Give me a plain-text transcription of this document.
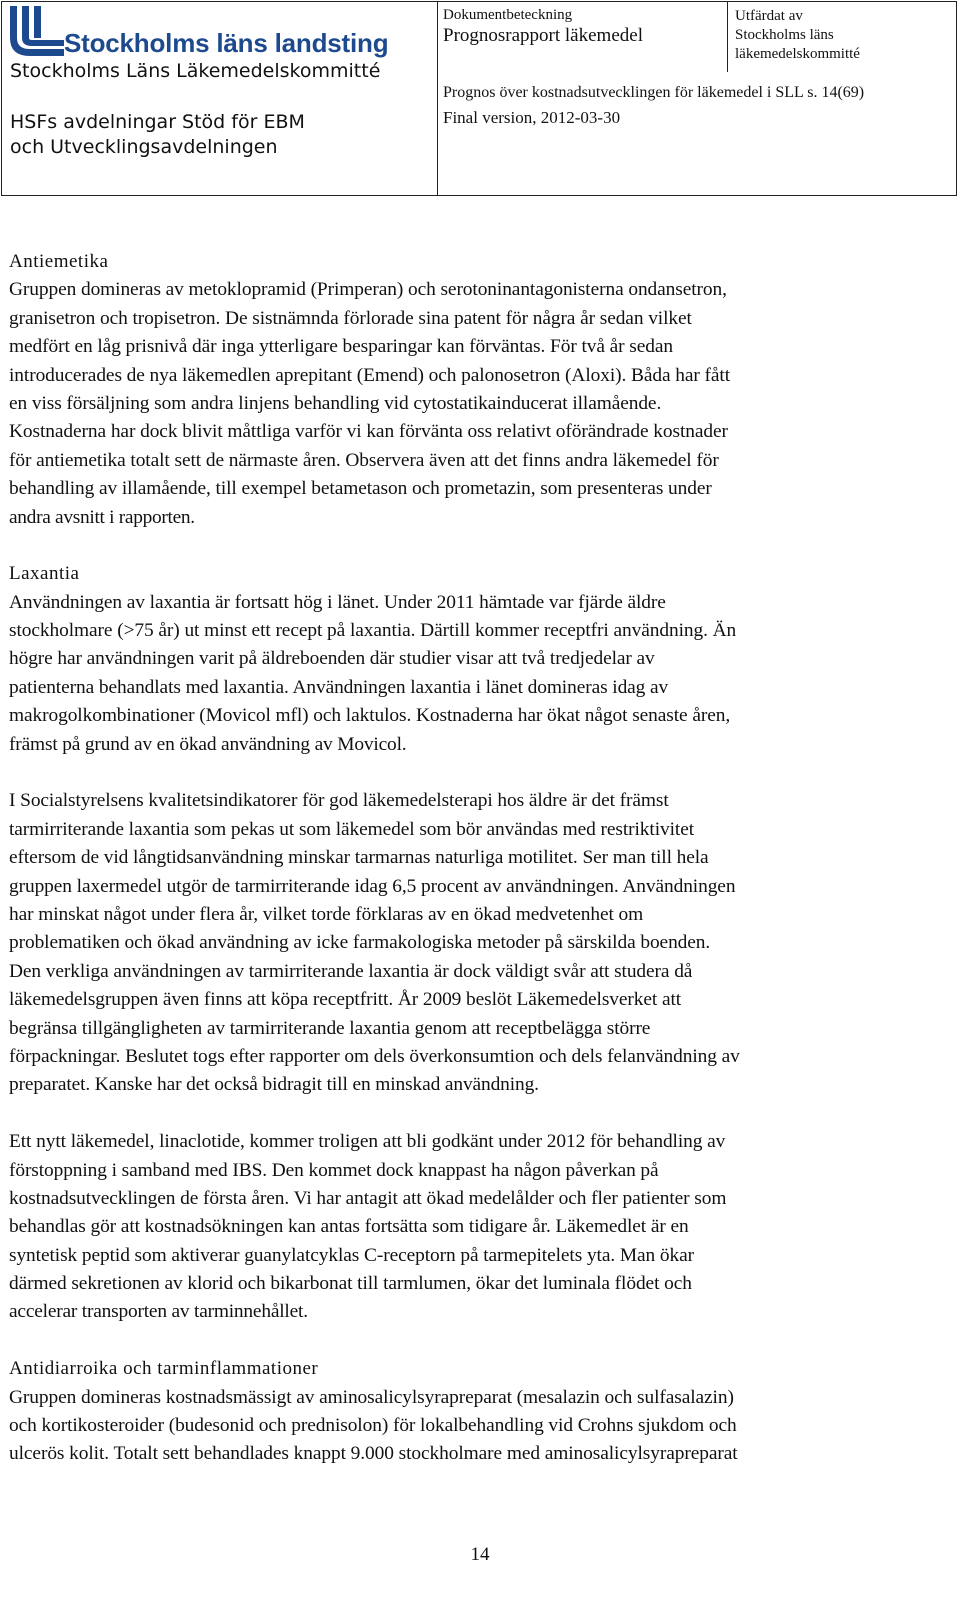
Stockholms läns landsting
Stockholms Läns Läkemedelskommitté
HSFs avdelningar Stöd för EBM
och Utvecklingsavdelningen
Dokumentbeteckning
Prognosrapport läkemedel
Utfärdat av
Stockholms läns
läkemedelskommitté
Prognos över kostnadsutvecklingen för läkemedel i SLL s. 14(69)
Final version, 2012-03-30
Antiemetika
Gruppen domineras av metoklopramid (Primperan) och serotoninantagonisterna ondansetron,
granisetron och tropisetron. De sistnämnda förlorade sina patent för några år sedan vilket
medfört en låg prisnivå där inga ytterligare besparingar kan förväntas. För två år sedan
introducerades de nya läkemedlen aprepitant (Emend) och palonosetron (Aloxi). Båda har fått
en viss försäljning som andra linjens behandling vid cytostatikainducerat illamående.
Kostnaderna har dock blivit måttliga varför vi kan förvänta oss relativt oförändrade kostnader
för antiemetika totalt sett de närmaste åren. Observera även att det finns andra läkemedel för
behandling av illamående, till exempel betametason och prometazin, som presenteras under
andra avsnitt i rapporten.
Laxantia
Användningen av laxantia är fortsatt hög i länet. Under 2011 hämtade var fjärde äldre
stockholmare (>75 år) ut minst ett recept på laxantia. Därtill kommer receptfri användning. Än
högre har användningen varit på äldreboenden där studier visar att två tredjedelar av
patienterna behandlats med laxantia. Användningen laxantia i länet domineras idag av
makrogolkombinationer (Movicol mfl) och laktulos. Kostnaderna har ökat något senaste åren,
främst på grund av en ökad användning av Movicol.
I Socialstyrelsens kvalitetsindikatorer för god läkemedelsterapi hos äldre är det främst
tarmirriterande laxantia som pekas ut som läkemedel som bör användas med restriktivitet
eftersom de vid långtidsanvändning minskar tarmarnas naturliga motilitet. Ser man till hela
gruppen laxermedel utgör de tarmirriterande idag 6,5 procent av användningen. Användningen
har minskat något under flera år, vilket torde förklaras av en ökad medvetenhet om
problematiken och ökad användning av icke farmakologiska metoder på särskilda boenden.
Den verkliga användningen av tarmirriterande laxantia är dock väldigt svår att studera då
läkemedelsgruppen även finns att köpa receptfritt. År 2009 beslöt Läkemedelsverket att
begränsa tillgängligheten av tarmirriterande laxantia genom att receptbelägga större
förpackningar. Beslutet togs efter rapporter om dels överkonsumtion och dels felanvändning av
preparatet. Kanske har det också bidragit till en minskad användning.
Ett nytt läkemedel, linaclotide, kommer troligen att bli godkänt under 2012 för behandling av
förstoppning i samband med IBS. Den kommet dock knappast ha någon påverkan på
kostnadsutvecklingen de första åren. Vi har antagit att ökad medelålder och fler patienter som
behandlas gör att kostnadsökningen kan antas fortsätta som tidigare år. Läkemedlet är en
syntetisk peptid som aktiverar guanylatcyklas C-receptorn på tarmepitelets yta. Man ökar
därmed sekretionen av klorid och bikarbonat till tarmlumen, ökar det luminala flödet och
accelerar transporten av tarminnehållet.
Antidiarroika och tarminflammationer
Gruppen domineras kostnadsmässigt av aminosalicylsyrapreparat (mesalazin och sulfasalazin)
och kortikosteroider (budesonid och prednisolon) för lokalbehandling vid Crohns sjukdom och
ulcerös kolit. Totalt sett behandlades knappt 9.000 stockholmare med aminosalicylsyrapreparat
14
